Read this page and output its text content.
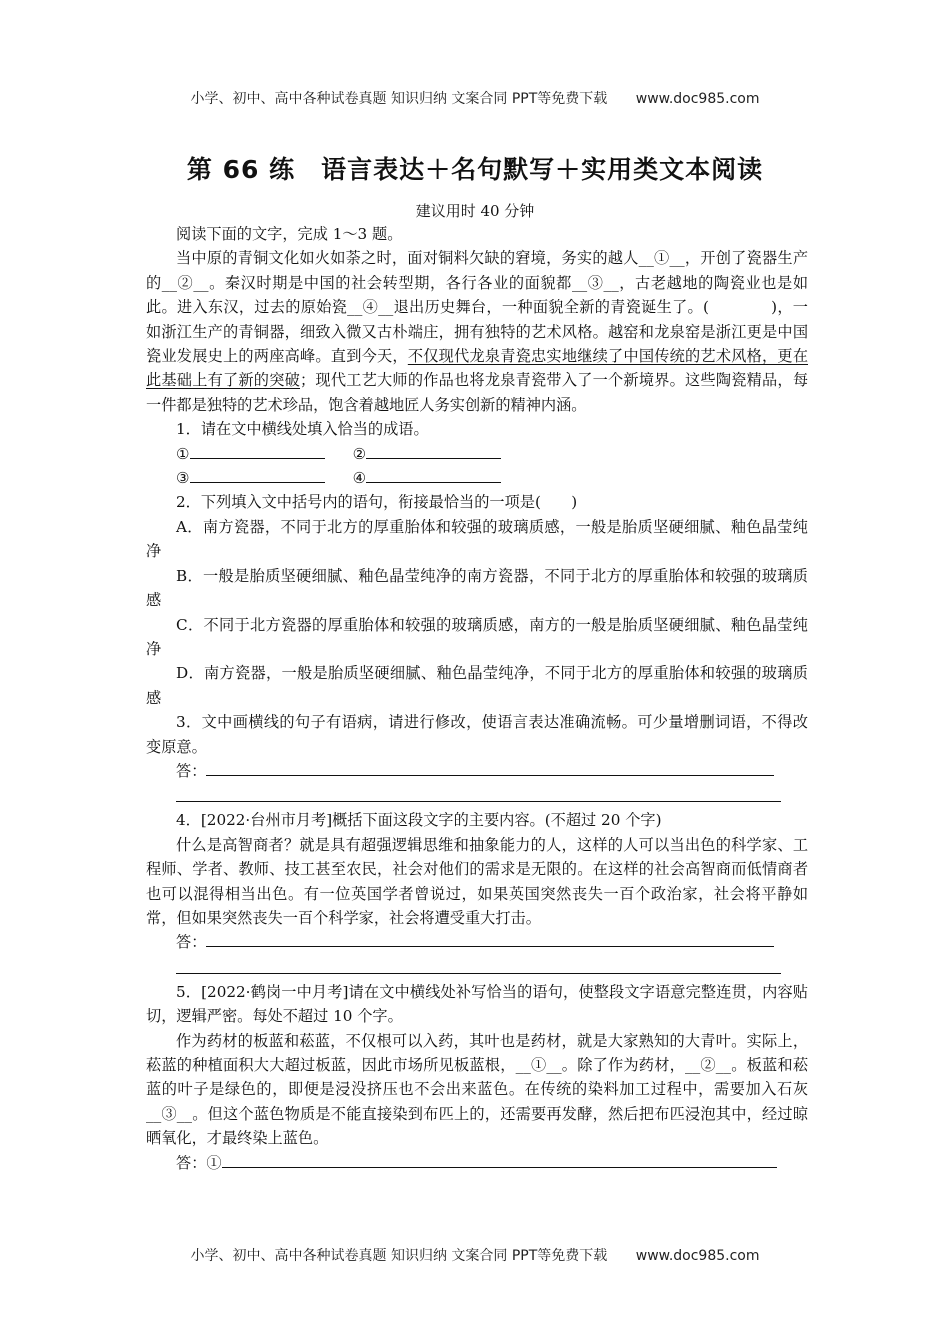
小学、初中、高中各种试卷真题 知识归纳 文案合同 PPT等免费下载 www.doc985.com
第 66 练　语言表达＋名句默写＋实用类文本阅读
建议用时 40 分钟

阅读下面的文字，完成 1～3 题。

当中原的青铜文化如火如荼之时，面对铜料欠缺的窘境，务实的越人__①__，开创了瓷器生产的__②__。秦汉时期是中国的社会转型期，各行各业的面貌都__③__，古老越地的陶瓷业也是如此。进入东汉，过去的原始瓷__④__退出历史舞台，一种面貌全新的青瓷诞生了。(　　　　)，一如浙江生产的青铜器，细致入微又古朴端庄，拥有独特的艺术风格。越窑和龙泉窑是浙江更是中国瓷业发展史上的两座高峰。直到今天，不仅现代龙泉青瓷忠实地继续了中国传统的艺术风格，更在此基础上有了新的突破；现代工艺大师的作品也将龙泉青瓷带入了一个新境界。这些陶瓷精品，每一件都是独特的艺术珍品，饱含着越地匠人务实创新的精神内涵。

1．请在文中横线处填入恰当的成语。

①	②

③	④

2．下列填入文中括号内的语句，衔接最恰当的一项是(　　)

A．南方瓷器，不同于北方的厚重胎体和较强的玻璃质感，一般是胎质坚硬细腻、釉色晶莹纯净

B．一般是胎质坚硬细腻、釉色晶莹纯净的南方瓷器，不同于北方的厚重胎体和较强的玻璃质感

C．不同于北方瓷器的厚重胎体和较强的玻璃质感，南方的一般是胎质坚硬细腻、釉色晶莹纯净

D．南方瓷器，一般是胎质坚硬细腻、釉色晶莹纯净，不同于北方的厚重胎体和较强的玻璃质感

3．文中画横线的句子有语病，请进行修改，使语言表达准确流畅。可少量增删词语，不得改变原意。

答：

4．[2022·台州市月考]概括下面这段文字的主要内容。(不超过 20 个字)

什么是高智商者？就是具有超强逻辑思维和抽象能力的人，这样的人可以当出色的科学家、工程师、学者、教师、技工甚至农民，社会对他们的需求是无限的。在这样的社会高智商而低情商者也可以混得相当出色。有一位英国学者曾说过，如果英国突然丧失一百个政治家，社会将平静如常，但如果突然丧失一百个科学家，社会将遭受重大打击。

答：

5．[2022·鹤岗一中月考]请在文中横线处补写恰当的语句，使整段文字语意完整连贯，内容贴切，逻辑严密。每处不超过 10 个字。

作为药材的板蓝和菘蓝，不仅根可以入药，其叶也是药材，就是大家熟知的大青叶。实际上，菘蓝的种植面积大大超过板蓝，因此市场所见板蓝根，__①__。除了作为药材，__②__。板蓝和菘蓝的叶子是绿色的，即便是浸没挤压也不会出来蓝色。在传统的染料加工过程中，需要加入石灰__③__。但这个蓝色物质是不能直接染到布匹上的，还需要再发酵，然后把布匹浸泡其中，经过晾晒氧化，才最终染上蓝色。

答：①

小学、初中、高中各种试卷真题 知识归纳 文案合同 PPT等免费下载 www.doc985.com
